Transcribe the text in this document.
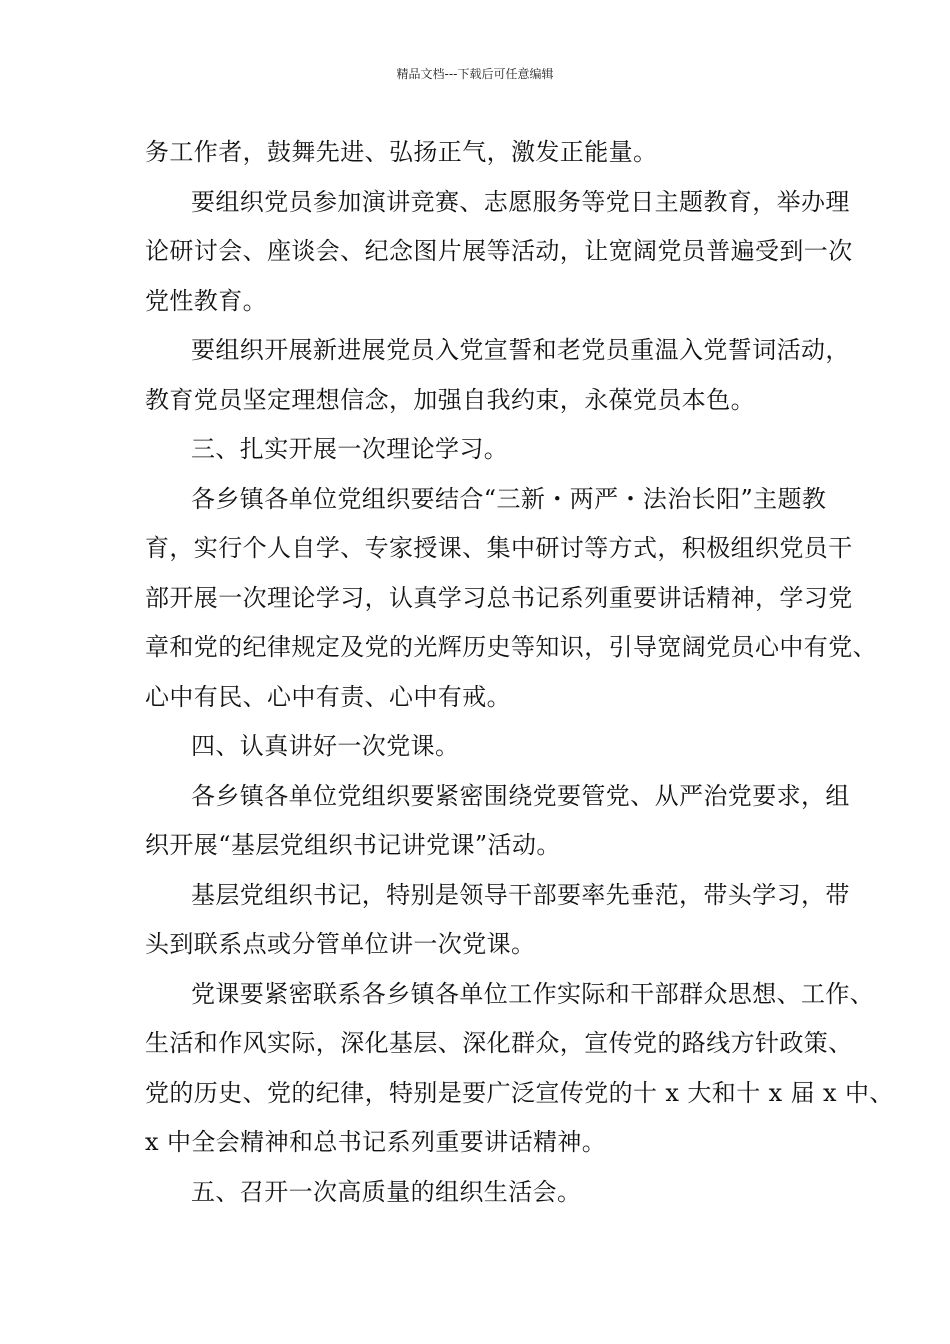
精品文档---下载后可任意编辑

务工作者，鼓舞先进、弘扬正气，激发正能量。

要组织党员参加演讲竞赛、志愿服务等党日主题教育，举办理
论研讨会、座谈会、纪念图片展等活动，让宽阔党员普遍受到一次
党性教育。

要组织开展新进展党员入党宣誓和老党员重温入党誓词活动，
教育党员坚定理想信念，加强自我约束，永葆党员本色。

三、扎实开展一次理论学习。

各乡镇各单位党组织要结合“三新・两严・法治长阳”主题教
育，实行个人自学、专家授课、集中研讨等方式，积极组织党员干
部开展一次理论学习，认真学习总书记系列重要讲话精神，学习党
章和党的纪律规定及党的光辉历史等知识，引导宽阔党员心中有党、
心中有民、心中有责、心中有戒。

四、认真讲好一次党课。

各乡镇各单位党组织要紧密围绕党要管党、从严治党要求，组
织开展“基层党组织书记讲党课”活动。

基层党组织书记，特别是领导干部要率先垂范，带头学习，带
头到联系点或分管单位讲一次党课。

党课要紧密联系各乡镇各单位工作实际和干部群众思想、工作、
生活和作风实际，深化基层、深化群众，宣传党的路线方针政策、
党的历史、党的纪律，特别是要广泛宣传党的十 x 大和十 x 届 x 中、
x 中全会精神和总书记系列重要讲话精神。

五、召开一次高质量的组织生活会。
